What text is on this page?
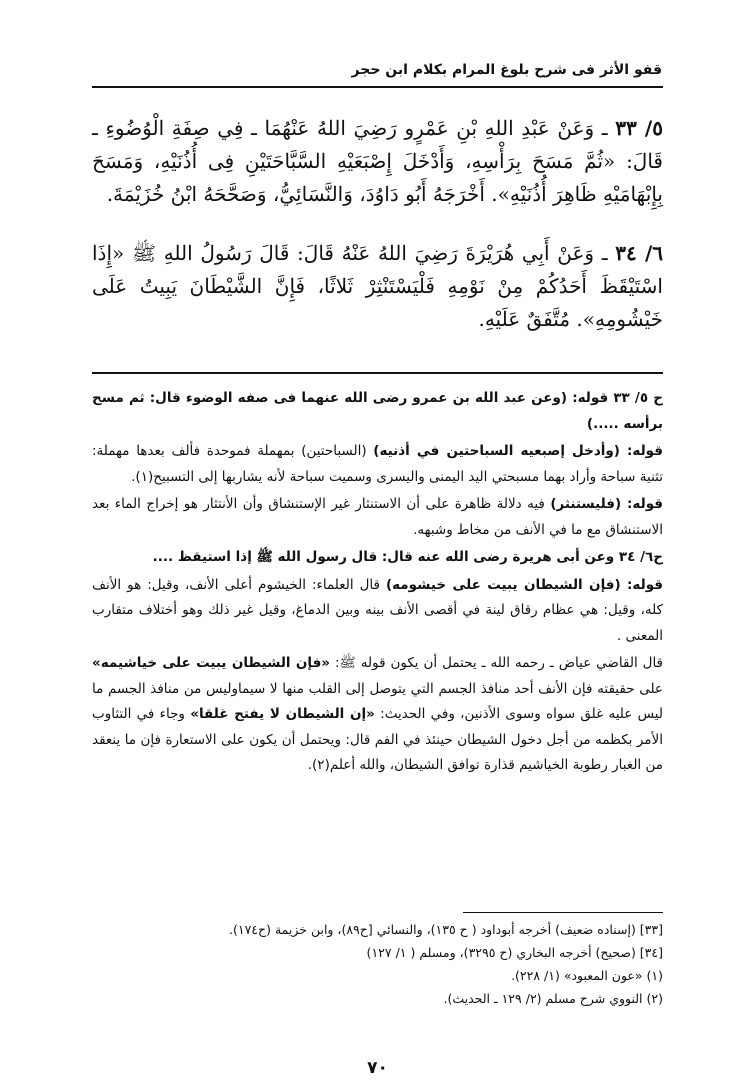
قفو الأثر فى شرح بلوغ المرام بكلام ابن حجر

٥/ ٣٣ ـ وَعَنْ عَبْدِ اللهِ بْنِ عَمْرٍو رَضِيَ اللهُ عَنْهُمَا ـ فِي صِفَةِ الْوُضُوءِ ـ قَالَ: «ثُمَّ مَسَحَ بِرَأْسِهِ، وَأَدْخَلَ إِصْبَعَيْهِ السَّبَّاحَتَيْنِ فِى أُذُنَيْهِ، وَمَسَحَ بِإِبْهَامَيْهِ ظَاهِرَ أُذُنَيْهِ». أَخْرَجَهُ أَبُو دَاوُدَ، وَالنَّسَائِيُّ، وَصَحَّحَهُ ابْنُ خُزَيْمَةَ.

٦/ ٣٤ ـ وَعَنْ أَبِي هُرَيْرَةَ رَضِيَ اللهُ عَنْهُ قَالَ: قَالَ رَسُولُ اللهِ ﷺ «إِذَا اسْتَيْقَظَ أَحَدُكُمْ مِنْ نَوْمِهِ فَلْيَسْتَنْثِرْ ثَلاثًا، فَإِنَّ الشَّيْطَانَ يَبِيتُ عَلَى خَيْشُومِهِ». مُتَّفَقٌ عَلَيْهِ.

ح ٥/ ٣٣ قوله: (وعن عبد الله بن عمرو رضى الله عنهما فى صفه الوضوء قال: ثم مسح برأسه .....)

قوله: (وأدخل إصبعيه السباحتين في أذنيه) (السباحتين) بمهملة فموحدة فألف بعدها مهملة: تثنية سباحة وأراد بهما مسبحتي اليد اليمنى واليسرى وسميت سباحة لأنه يشاربها إلى التسبيح(١).

قوله: (فليستنثر) فيه دلالة ظاهرة على أن الاستنثار غير الإستنشاق وأن الأنتثار هو إخراج الماء بعد الاستنشاق مع ما في الأنف من مخاط وشبهه.

ح٦/ ٣٤ وعن أبى هريرة رضى الله عنه قال: قال رسول الله ﷺ إذا استيقظ ....

قوله: (فإن الشيطان يبيت على خيشومه) قال العلماء: الخيشوم أعلى الأنف، وقيل: هو الأنف كله، وقيل: هي عظام رقاق لينة في أقصى الأنف بينه وبين الدماغ، وقيل غير ذلك وهو أختلاف متقارب المعنى .

قال القاضي عياض ـ رحمه الله ـ يحتمل أن يكون قوله ﷺ: «فإن الشيطان يبيت على خياشيمه» على حقيقته فإن الأنف أحد منافذ الجسم التي يتوصل إلى القلب منها لا سيماوليس من منافذ الجسم ما ليس عليه غلق سواه وسوى الأذنين، وفي الحديث: «إن الشيطان لا يفتح غلقا» وجاء في التثاوب الأمر بكظمه من أجل دخول الشيطان حينئذ في الفم قال: ويحتمل أن يكون على الاستعارة فإن ما ينعقد من الغبار رطوبة الخياشيم قذارة توافق الشيطان، والله أعلم(٢).

[٣٣] (إسناده ضعيف) أخرجه أبوداود ( ح ١٣٥)، والنسائي [ح٨٩)، وابن خزيمة (ح١٧٤).

[٣٤] (صحيح) أخرجه البخاري (ح ٣٢٩٥)، ومسلم ( ١/ ١٢٧)

(١) «عون المعبود» (١/ ٢٢٨).

(٢) النووي شرح مسلم (٢/ ١٢٩ ـ الحديث).

٧٠
